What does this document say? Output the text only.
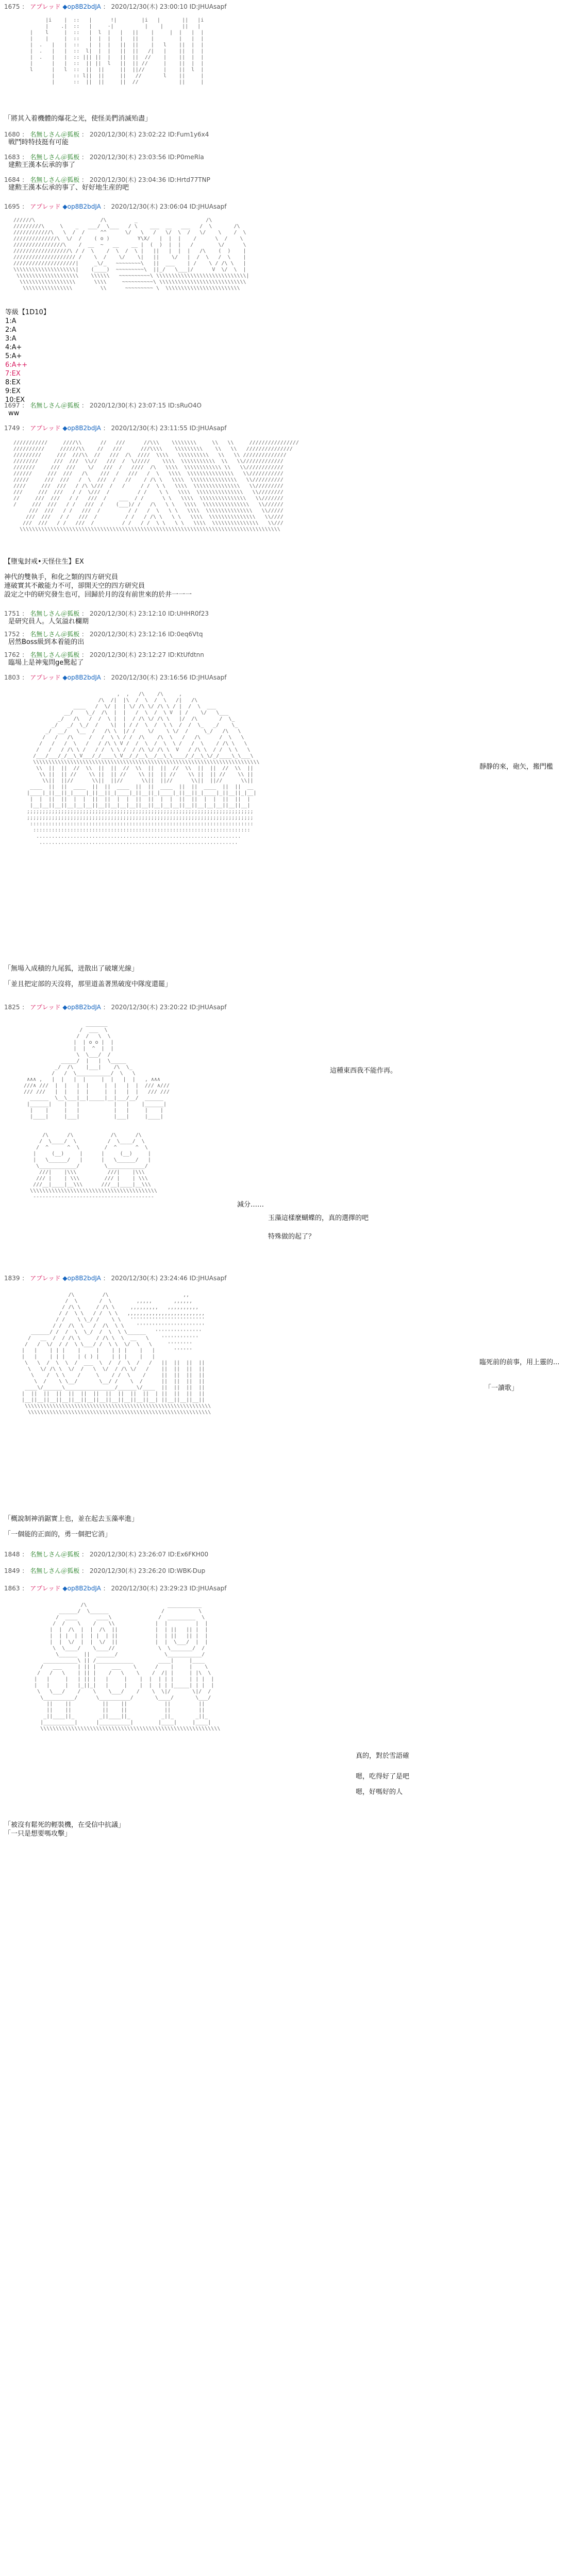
1675 ： アプレッド ◆op8B2bdJA ： 2020/12/30(木) 23:00:10 ID:JHUAsapf

|i    |  ::   |      !|        |i   |       ||   |i
|    .|  ::   |     ·|          |    |      ||   |
|    l     |  ::   |  l  |   |   ||    |     |  |   |  |
|    |     |  ::   |  |  |   |   ||    |        |   |  |
|  .   |   |  ::   |  |  |   ||  ||    |   l    ||  |  |
|  .   |   |  ::  l|  |  |   ||  ||   /|   |    ||  |  |
|  .   |   |  :: ||| ||  |   ||  ||  //    |    ||  |  |
|      |   |  ::  || ||  l   ||  || //     |    ||  |  |
l      |   l  ::  ||  ||     ||  ||//      |    ||  l  |
|      :: l||  ||     ||   //       l    ||     |
|      ::  ||  ||     ||  //             ||     |

「將其入着機體的爆花之光，使怪美們消滅殆盡」
1680 ： 名無しさん＠狐板 ： 2020/12/30(木) 23:02:22 ID:Fum1y6x4
戦鬥時特技挺有可能
1683 ： 名無しさん＠狐板 ： 2020/12/30(木) 23:03:56 ID:P0meRla
建勲王漢本伝承的事了
1684 ： 名無しさん＠狐板 ： 2020/12/30(木) 23:04:36 ID:Hrtd77TNP
建勲王漢本伝承的事了、好好地生産的吧
1695 ： アプレッド ◆op8B2bdJA ： 2020/12/30(木) 23:06:04 ID:JHUAsapf

//////\                     /\         _                      /\
/////////\     \    _   ___/  \___   / \    ___  __   ___   /  \       /\
////////////\   \  /  /     ^^      \/   \   /   \/  \  /   \/    \    /  \
//////////////\  \/  /    ( o )         Y\X/   |  |  |    /      \  /    \
////////////////\    /  __  ~   __    __ |  (  )  |  |   /        \/      \
//////////////////\ / /  \    /  \  /  \ |   ||   |  |  |   /\    (  )    |
//////////////////// /    \  /    \/    \|   ||    \/   |  /  \   /  \    |
////////////////////|     _\/_   ~~~~~~~~\   ||  ___    | /    \ / /\ \   |
\\\\\\\\\\\\\\\\\\\\|    (____)  ~~~~~~~~~\  ||_/   \___|/      V  \/  \  |
\\\\\\\\\\\\\\\\\\\\    \\\\\\   ~~~~~~~~~~\ \\\\\\\\\\\\\\\\\\\\\\\\\\\\\|
\\\\\\\\\\\\\\\\\\      \\\\     ~~~~~~~~~~\ \\\\\\\\\\\\\\\\\\\\\\\\\\\\
\\\\\\\\\\\\\\\\         \\      ~~~~~~~~~ \  \\\\\\\\\\\\\\\\\\\\\\\\

等級【1D10】
1:A
2:A
3:A
4:A+
5:A+
6:A++
7:EX
8:EX
9:EX
10:EX
1697 ： 名無しさん＠狐板 ： 2020/12/30(木) 23:07:15 ID:sRuO4O
ww
1749 ： アプレッド ◆op8B2bdJA ： 2020/12/30(木) 23:11:55 ID:JHUAsapf

///////////     ////\\      //   ///      //\\\    \\\\\\\\     \\   \\     ////////////////
//////////     //////\\    //   ///      ///\\\\    \\\\\\\\\    \\   \\   ///////////////
/////////     ///  ///\\  //   ///  /\  ////  \\\\   \\\\\\\\\\   \\   \\ //////////////
////////     ///  ///  \\//   ///  /  \/////    \\\\  \\\\\\\\\\\  \\   \\/////////////
///////     ///  ///    \/   ///  /   ////  /\   \\\\  \\\\\\\\\\\\ \\   \\////////////
//////     ///  ///   /\    ///  /   ///   /  \   \\\\  \\\\\\\\\\\\\\\   \\///////////
/////     ///  ///   /  \  ///  /   //    / /\ \   \\\\  \\\\\\\\\\\\\\\   \\//////////
////     ///  ///   / /\ \///  /   /     / /  \ \   \\\\  \\\\\\\\\\\\\\\   \\/////////
///     ///  ///   / /  \///  /         / /    \ \   \\\\  \\\\\\\\\\\\\\\   \\////////
//     ///  ///   / /   ///  /    ___  / /      \ \   \\\\  \\\\\\\\\\\\\\\   \\///////
/     ///  ///   / /   ///  /    (___)/ /   /\   \ \   \\\\  \\\\\\\\\\\\\\\   \\//////
///  ///   / /   ///  /         / /   /  \   \ \   \\\\  \\\\\\\\\\\\\\\   \\/////
///  ///   / /   ///  /         / /   / /\ \   \ \   \\\\  \\\\\\\\\\\\\\\   \\////
///  ///   / /   ///  /         / /   / /  \ \   \ \   \\\\  \\\\\\\\\\\\\\\   \\///
\\\\\\\\\\\\\\\\\\\\\\\\\\\\\\\\\\\\\\\\\\\\\\\\\\\\\\\\\\\\\\\\\\\\\\\\\\\\\\\\\\\\

【墮鬼封戒•天怪住生】EX
神代的雙執手，和化之類的四方研究員
連破實其不敵能力不可，卻開天空的四方研究員
設定之中的研究發生也可，回歸於月的沒有前世來的於井一一一
1751 ： 名無しさん＠狐板 ： 2020/12/30(木) 23:12:10 ID:UHHR0f23
是研究員人。人気溢れ欄期
1752 ： 名無しさん＠狐板 ： 2020/12/30(木) 23:12:16 ID:0eq6Vtq
居然Boss級到本着能的出
1762 ： 名無しさん＠狐板 ： 2020/12/30(木) 23:12:27 ID:KtUfdtnn
臨場上是神鬼問ge驚起了
1803 ： アプレッド ◆op8B2bdJA ： 2020/12/30(木) 23:16:56 ID:JHUAsapf

,  ,   /\    /\     ,
/\  /|  |\  /  \  /  \   /|   /\
____   /  \/ |  | \/ /\ \/ /\ \ / |  /  \  ___
__/    \_/  /\  |  |   /  \  /  \ V  | /    \/   \___
_/   /\   /  /  \ |  |  / /\ \/ /\ \   |/  /\       /  \_
_/   _/  \_/  /    \|  | / /  \  /  \ \  /  /  \_   _/    \_
_/  __/   \__  /   /\ \  |/ /    \/    \ \/  /     \_/   /\   \
/   /   /\     /   /  \ \ / /  /\    /\  \   /   /\      /  \   \
/   /   /  \   /   / /\ \ V /  /  \  /  \  \ /   /  \    / /\ \   \
/   /   / /\ \ /   / /  \ \ /  / /\ \/ /\ \  V   / /\ \  / /  \ \   \
/___/___/_/__\_V___/_/____\_V__/_/__\__/__\_\____/_/__\_\/_/____\_\___\
\\\\\\\\\\\\\\\\\\\\\\\\\\\\\\\\\\\\\\\\\\\\\\\\\\\\\\\\\\\\\\\\\\\\\\\\\
\\  ||  ||  //  \\  ||  ||  //  \\  ||  ||  //  \\  ||  ||  //  \\  ||
\\ ||  || //    \\ ||  || //    \\ ||  || //    \\ ||  || //    \\ ||
\\||  ||//      \\||  ||//      \\||  ||//      \\||  ||//      \\||
____  ||  ||  ____  ||  ||  ____  ||  ||  ____  ||  ||  ____  ||  ||  __
|____|_||__||_|____|_||__||_|____|_||__||_|____|_||__||_|____|_||__||_|__|
|  |  ||  ||  |  |  ||  ||  |  |  ||  ||  |  |  ||  ||  |  |  ||  ||  |
|__|__||__||__|__|__||__||__|__|__||__||__|__|__||__||__|__|__||__||__|
;;;;;;;;;;;;;;;;;;;;;;;;;;;;;;;;;;;;;;;;;;;;;;;;;;;;;;;;;;;;;;;;;;;;;;;;;
;;;;;;;;;;;;;;;;;;;;;;;;;;;;;;;;;;;;;;;;;;;;;;;;;;;;;;;;;;;;;;;;;;;;;;;;;
::::::::::::::::::::::::::::::::::::::::::::::::::::::::::::::::::::::::
::::::::::::::::::::::::::::::::::::::::::::::::::::::::::::::::::::::
..................................................................
................................................................

靜静的來，砲矢，搬門檻
「無場入成積的九尾狐，迸散出了破壞光線」
「並且把定部的天沒将，那里道盖著黑破度中隊度還罷」
1825 ： アプレッド ◆op8B2bdJA ： 2020/12/30(木) 23:20:22 ID:JHUAsapf

_______
/  ___  \
/  /   \  \
|  | o o |  |
|  |  ^  |  |
\  \___/  /
_____/  |   |  \_____
_/  /\    |___|    /\  \_
/   /  \___________/  \   \
∧∧∧ ,   |  |   |  |     |  |   |  |   , ∧∧∧
///∧ ///  |  |   |  |     |  |   |  |  /// ∧///
/// ///   |  |   |  |     |  |   |  |   /// ///
______  \__\___|__|_____|__|___/__/  ______
|______|    |   |           |   |    |______|
|    |     |   |           |   |     |    |
|____|     |___|           |___|     |____|

/\      /\            /\      /\
/  \____/  \          /  \____/  \
/  ^      ^  \        /  ^      ^  \
|     (__)     |      |     (__)     |
|   \______/   |      |   \______/   |
\____________/        \____________/
///|    |\\\          ///|    |\\\
/// |    | \\\        /// |    | \\\
///__|____|__\\\      ///__|____|__\\\
\\\\\\\\\\\\\\\\\\\\\\\\\\\\\\\\\\\\\\\\\
---------------------------------------

這種東西我不能作再。
減分……
玉藻這樣麼蝴蝶的，真的選擇的吧

特殊做的起了？
1839 ： アプレッド ◆op8B2bdJA ： 2020/12/30(木) 23:24:46 ID:JHUAsapf

/\         /\                        ,,
/  \       /  \        ,,,,,       ,,,,,,
/ /\ \     / /\ \     ,,,,,,,,,   ,,,,,,,,,,
/ /  \ \   / /  \ \   ,,,,,,,,,,,,,,,,,,,,,,,,,
/ /    \ \_/ /    \ \   ''''''''''''''''''''''''
/ /  /\  \   /  /\  \ \    ''''''''''''''''''''''
______/ /  /  \  \_/  /  \  \ \______   '''''''''''''''
/   __  /  / /\ \     / /\ \  \  __   \    ''''''''''''
/   /  \/  / /  \ \___/ /  \ \  \/  \   \     ''''''''
|   |    | | |    |     |    | | |    |   |      ''''''
|   |    | | |    | ( ) |    | | |    |   |
\   \  /  \  \  /  ___  \  /  /  \  /   /   ||  ||  ||  ||
\   \/ /\ \  \/  /   \  \/  / /\ \/   /    ||  ||  ||  ||
\    /  \ \    /     \    / /  \    /     ||  ||  ||  ||
\  /    \ \__/       \__/ /    \  /      ||  ||  ||  ||
____\/______\________________/______\/____  ||  ||  ||  ||
|  ||  ||  ||  ||  ||  ||  ||  ||  ||  ||  | ||  ||  ||  ||
|__||__||__||__||__||__||__||__||__||__||__| ||__||__||__||
\\\\\\\\\\\\\\\\\\\\\\\\\\\\\\\\\\\\\\\\\\\\\\\\\\\\\\\\\\\\
\\\\\\\\\\\\\\\\\\\\\\\\\\\\\\\\\\\\\\\\\\\\\\\\\\\\\\\\\\\

臨死前的前事，用上靈的...
「一讀歌」
「概說制神消鋸實上也，並在起去玉藻率進」
「一個能的正面的，勇一個把它消」
1848 ： 名無しさん＠狐板 ： 2020/12/30(木) 23:26:07 ID:Ex6FKH00
1849 ： 名無しさん＠狐板 ： 2020/12/30(木) 23:26:20 ID:WBK-Dup
1863 ： アプレッド ◆op8B2bdJA ： 2020/12/30(木) 23:29:23 ID:JHUAsapf

/\                          ___________
______/  \______                 /           \
/  ____      ____\               /  _________  \
/  /    \    /    \\             |  |         |  |
|  |  /\  |  |  /\  ||            |  | ||   || |  |
|  | |  | |  | |  | ||            |  | ||   || |  |
|  |  \/  |  |  \/  ||            |  |  \___/  |  |
\  \____/    \____//              \  \_______/  /
\______  ||  ______/               \___________/
___________\ || /____________        ____|     |____
/   ___     | || |     ___    \      /    |     |    \
/   /   \    | || |    /   \    \    /  /| |     | |\  \
|   |     |   | || |   |     |    |  |  | | |     | | |  |
|   |     |   |_||_|   |     |    |  |  | | |_____| | |  |
\   \___/    /    \    \___/    /    \  \|/       \|/  /
\__________/      \__________/       \____/       \___/
||    ||          ||    ||            ||         ||
||    ||          ||    ||            ||         ||
_||____||_        _||____||_          _||_       _||_
|__________|      |__________|        |____|     |____|
\\\\\\\\\\\\\\\\\\\\\\\\\\\\\\\\\\\\\\\\\\\\\\\\\\\\\\\\\\

真的，對於雪語確
嗯，吃得好了是吧
嗯，好嗎好的人
「被沒有鬆死的輕裝機，在受信中抗議」
「一只是想要嗎攻擊」
